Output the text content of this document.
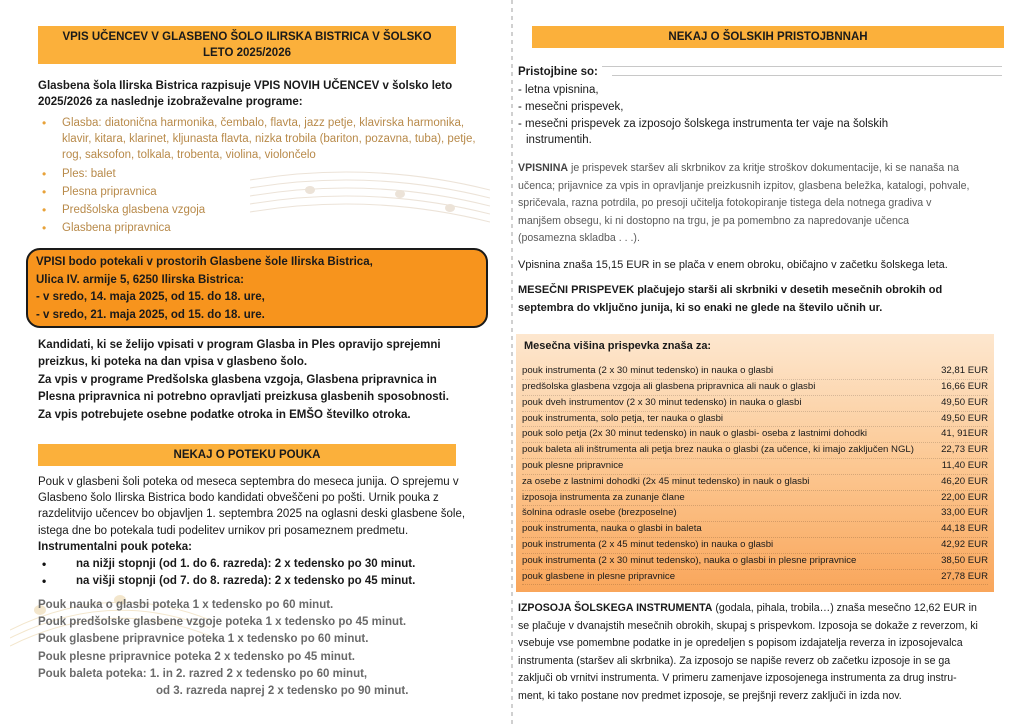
VPIS UČENCEV V GLASBENO ŠOLO ILIRSKA BISTRICA V ŠOLSKO LETO 2025/2026
Glasbena šola Ilirska Bistrica razpisuje VPIS NOVIH UČENCEV v šolsko leto 2025/2026 za naslednje izobraževalne programe:
• Glasba: diatonična harmonika, čembalo, flavta, jazz petje, klavirska harmonika, klavir, kitara, klarinet, kljunasta flavta, nizka trobila (bariton, pozavna, tuba), petje, rog, saksofon, tolkala, trobenta, violina, violončelo
• Ples: balet
• Plesna pripravnica
• Predšolska glasbena vzgoja
• Glasbena pripravnica
VPISI bodo potekali v prostorih Glasbene šole Ilirska Bistrica,
Ulica IV. armije 5, 6250 Ilirska Bistrica:
- v sredo, 14. maja 2025, od 15. do 18. ure,
- v sredo, 21. maja 2025, od 15. do 18. ure.
Kandidati, ki se želijo vpisati v program Glasba in Ples opravijo sprejemni
preizkus, ki poteka na dan vpisa v glasbeno šolo.
Za vpis v programe Predšolska glasbena vzgoja, Glasbena pripravnica in
Plesna pripravnica ni potrebno opravljati preizkusa glasbenih sposobnosti.
Za vpis potrebujete osebne podatke otroka in EMŠO številko otroka.
NEKAJ O POTEKU POUKA
Pouk v glasbeni šoli poteka od meseca septembra do meseca junija. O sprejemu v
Glasbeno šolo Ilirska Bistrica bodo kandidati obveščeni po pošti. Urnik pouka z
razdelitvijo učencev bo objavljen 1. septembra 2025 na oglasni deski glasbene šole,
istega dne bo potekala tudi podelitev urnikov pri posameznem predmetu.
Instrumentalni pouk poteka:
• na nižji stopnji (od 1. do 6. razreda): 2 x tedensko po 30 minut.
• na višji stopnji (od 7. do 8. razreda): 2 x tedensko po 45 minut.
Pouk nauka o glasbi poteka 1 x tedensko po 60 minut.
Pouk predšolske glasbene vzgoje poteka 1 x tedensko po 45 minut.
Pouk glasbene pripravnice poteka 1 x tedensko po 60 minut.
Pouk plesne pripravnice poteka 2 x tedensko po 45 minut.
Pouk baleta poteka: 1. in 2. razred 2 x tedensko po 60 minut,
od 3. razreda naprej 2 x tedensko po 90 minut.
NEKAJ O ŠOLSKIH PRISTOJBNNAH
Pristojbine so:
- letna vpisnina,
- mesečni prispevek,
- mesečni prispevek za izposojo šolskega instrumenta ter vaje na šolskih
instrumentih.
VPISNINA je prispevek staršev ali skrbnikov za kritje stroškov dokumentacije, ki se nanaša na
učenca; prijavnice za vpis in opravljanje preizkusnih izpitov, glasbena beležka, katalogi, pohvale,
spričevala, razna potrdila, po presoji učitelja fotokopiranje tistega dela notnega gradiva v
manjšem obsegu, ki ni dostopno na trgu, je pa pomembno za napredovanje učenca
(posamezna skladba . . .).
Vpisnina znaša 15,15 EUR in se plača v enem obroku, običajno v začetku šolskega leta.
MESEČNI PRISPEVEK plačujejo starši ali skrbniki v desetih mesečnih obrokih od
septembra do vključno junija, ki so enaki ne glede na število učnih ur.
Mesečna višina prispevka znaša za:
pouk instrumenta (2 x 30 minut tedensko) in nauka o glasbi	32,81 EUR
predšolska glasbena vzgoja ali glasbena pripravnica ali nauk o glasbi	16,66 EUR
pouk dveh instrumentov (2 x 30 minut tedensko) in nauka o glasbi	49,50 EUR
pouk instrumenta, solo petja, ter nauka o glasbi	49,50 EUR
pouk solo petja (2x 30 minut tedensko) in nauk o glasbi- oseba z lastnimi dohodki	41, 91EUR
pouk baleta ali inštrumenta ali petja brez nauka o glasbi (za učence, ki imajo zaključen NGL)	22,73 EUR
pouk plesne pripravnice	11,40 EUR
za osebe z lastnimi dohodki (2x 45 minut tedensko) in nauk o glasbi	46,20 EUR
izposoja instrumenta za zunanje člane	22,00 EUR
šolnina odrasle osebe (brezposelne)	33,00 EUR
pouk instrumenta, nauka o glasbi in baleta	44,18 EUR
pouk instrumenta (2 x 45 minut tedensko) in nauka o glasbi	42,92 EUR
pouk instrumenta (2 x 30 minut tedensko), nauka o glasbi in plesne pripravnice	38,50 EUR
pouk glasbene in plesne pripravnice	27,78 EUR
IZPOSOJA ŠOLSKEGA INSTRUMENTA (godala, pihala, trobila…) znaša mesečno 12,62 EUR in
se plačuje v dvanajstih mesečnih obrokih, skupaj s prispevkom. Izposoja se dokaže z reverzom, ki
vsebuje vse pomembne podatke in je opredeljen s popisom izdajatelja reverza in izposojevalca
instrumenta (staršev ali skrbnika). Za izposojo se napiše reverz ob začetku izposoje in se ga
zaključi ob vrnitvi instrumenta. V primeru zamenjave izposojenega instrumenta za drug instru-
ment, ki tako postane nov predmet izposoje, se prejšnji reverz zaključi in izda nov.
